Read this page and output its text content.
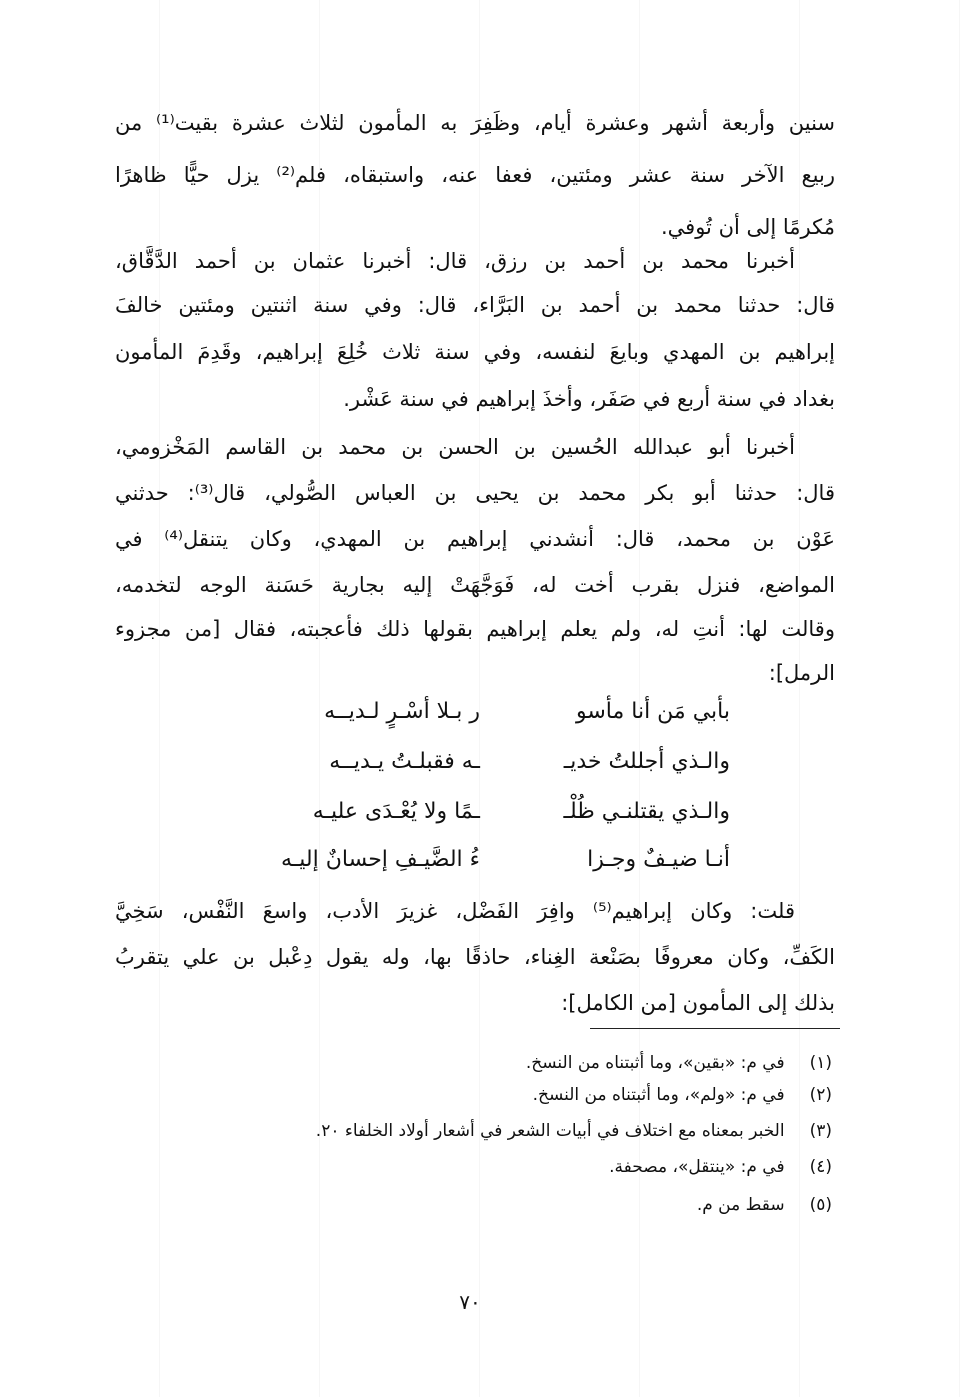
سنين وأربعة أشهر وعشرة أيام، وظَفِرَ به المأمون لثلاث عشرة بقيت⁽¹⁾ من
ربيع الآخر سنة عشر ومئتين، فعفا عنه، واستبقاه، فلم⁽²⁾ يزل حيًّا ظاهرًا
مُكرمًا إلى أن تُوفي.
أخبرنا محمد بن أحمد بن رزق، قال: أخبرنا عثمان بن أحمد الدَّقَّاق،
قال: حدثنا محمد بن أحمد بن البَرَّاء، قال: وفي سنة اثنتين ومئتين خالفَ
إبراهيم بن المهدي وبايعَ لنفسه، وفي سنة ثلاث خُلِعَ إبراهيم، وقَدِمَ المأمون
بغداد في سنة أربع في صَفَر، وأخذَ إبراهيم في سنة عَشْر.
أخبرنا أبو عبدالله الحُسين بن الحسن بن محمد بن القاسم المَخْزومي،
قال: حدثنا أبو بكر محمد بن يحيى بن العباس الصُّولي، قال⁽³⁾: حدثني
عَوْن بن محمد، قال: أنشدني إبراهيم بن المهدي، وكان يتنقل⁽⁴⁾ في
المواضع، فنزل بقرب أخت له، فَوَجَّهَتْ إليه بجارية حَسَنة الوجه لتخدمه،
وقالت لها: أنتِ له، ولم يعلم إبراهيم بقولها ذلك فأعجبته، فقال [من مجزوء
الرمل]:
بأبي مَن أنا مأسو
ر بـلا أسْـرٍ لـديــه
والـذي أجللتُ خديـ
ـه فقبلـتُ يـديــه
والـذي يقتلنـي ظُلْـ
ـمًا ولا يُعْـدَى عليـه
أنـا ضيـفٌ وجـزا
ءُ الضَّيـفِ إحسانٌ إليـه
قلت: وكان إبراهيم⁽⁵⁾ وافِرَ الفَضْل، غزيرَ الأدب، واسعَ النَّفْس، سَخِيَّ
الكَفِّ، وكان معروفًا بصَنْعة الغِناء، حاذقًا بها، وله يقول دِعْبل بن علي يتقربُ
بذلك إلى المأمون [من الكامل]:
(١) في م: «بقين»، وما أثبتناه من النسخ.
(٢) في م: «ولم»، وما أثبتناه من النسخ.
(٣) الخبر بمعناه مع اختلاف في أبيات الشعر في أشعار أولاد الخلفاء ٢٠.
(٤) في م: «ينتقل»، مصحفة.
(٥) سقط من م.
٧٠
